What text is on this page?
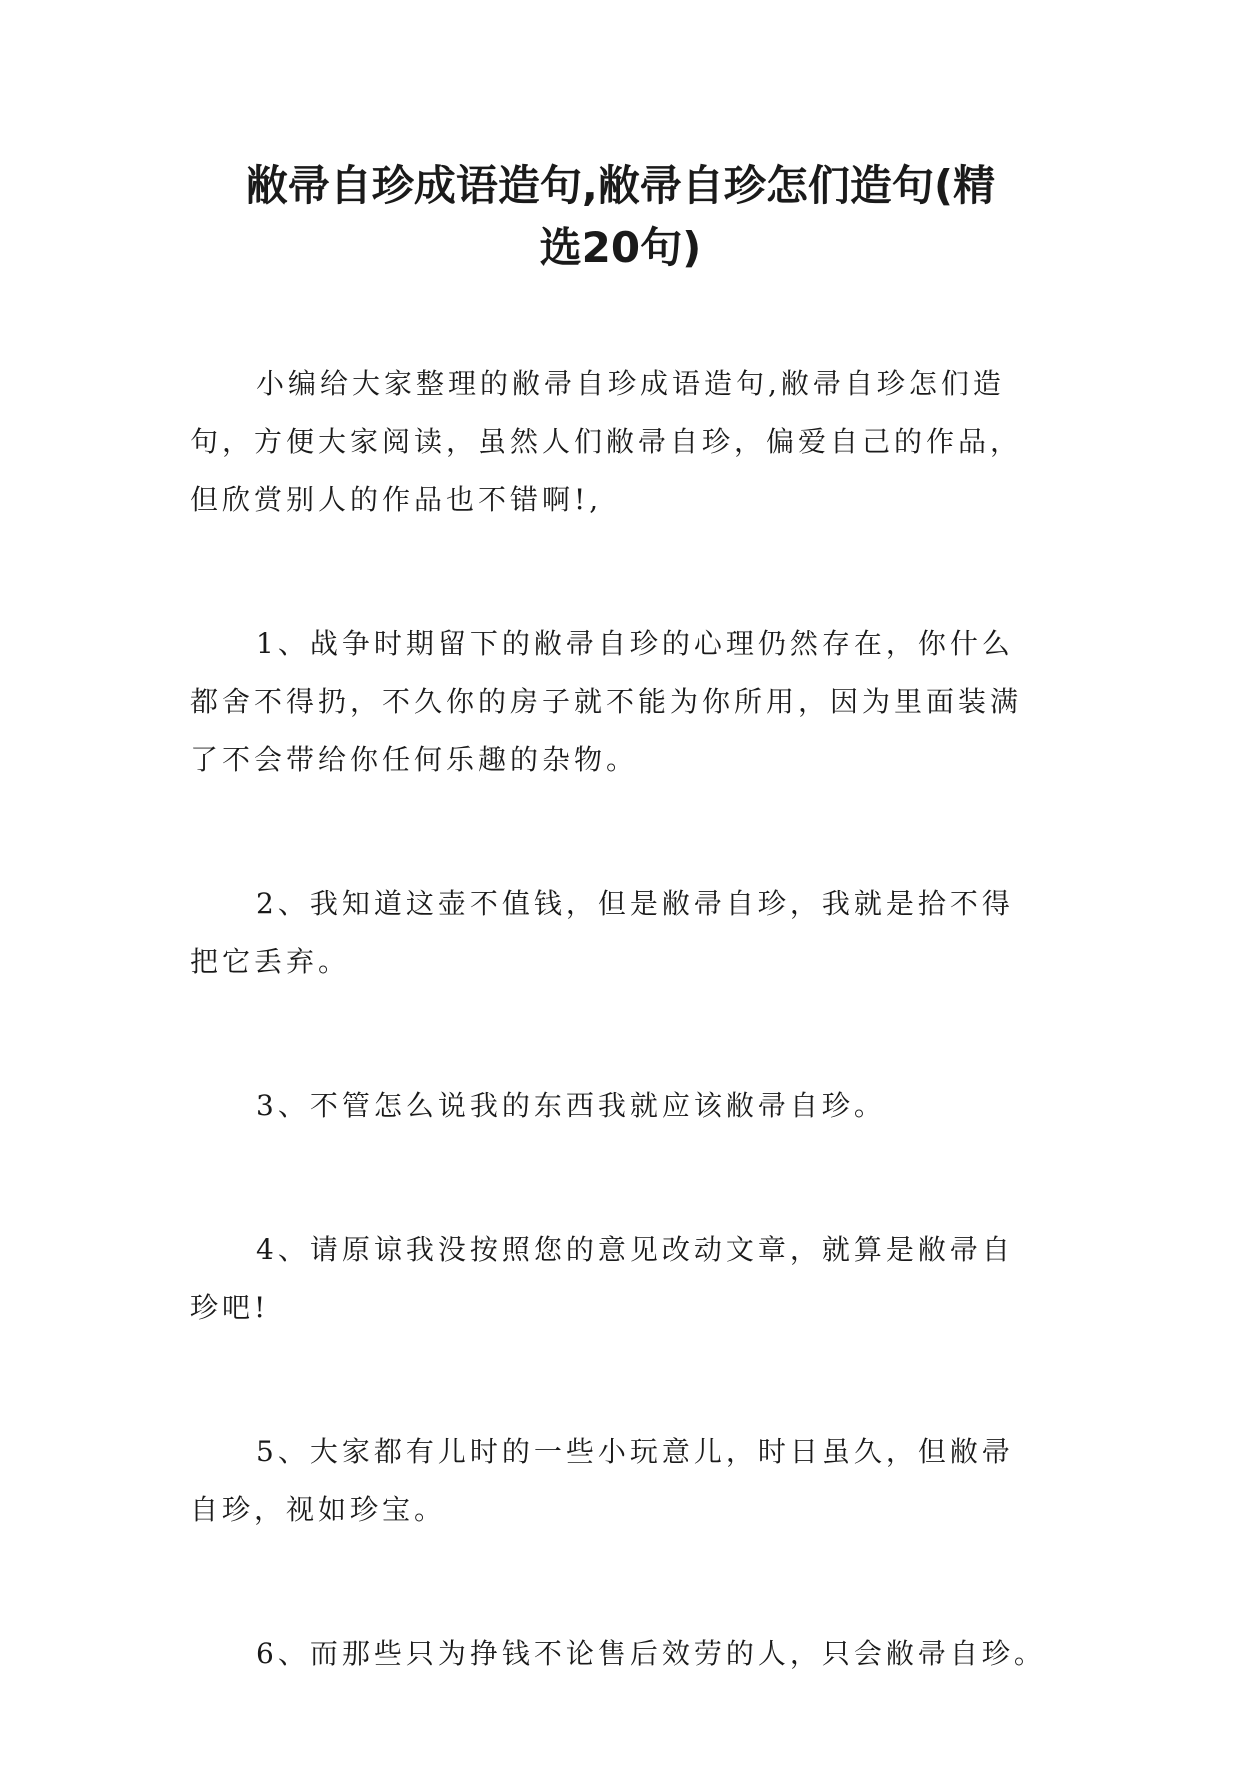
敝帚自珍成语造句,敝帚自珍怎们造句(精
选20句)

小编给大家整理的敝帚自珍成语造句,敝帚自珍怎们造
句，方便大家阅读，虽然人们敝帚自珍，偏爱自己的作品，
但欣赏别人的作品也不错啊!,

1、战争时期留下的敝帚自珍的心理仍然存在，你什么
都舍不得扔，不久你的房子就不能为你所用，因为里面装满
了不会带给你任何乐趣的杂物。

2、我知道这壶不值钱，但是敝帚自珍，我就是拾不得
把它丢弃。

3、不管怎么说我的东西我就应该敝帚自珍。

4、请原谅我没按照您的意见改动文章，就算是敝帚自
珍吧!

5、大家都有儿时的一些小玩意儿，时日虽久，但敝帚
自珍，视如珍宝。

6、而那些只为挣钱不论售后效劳的人，只会敝帚自珍。
